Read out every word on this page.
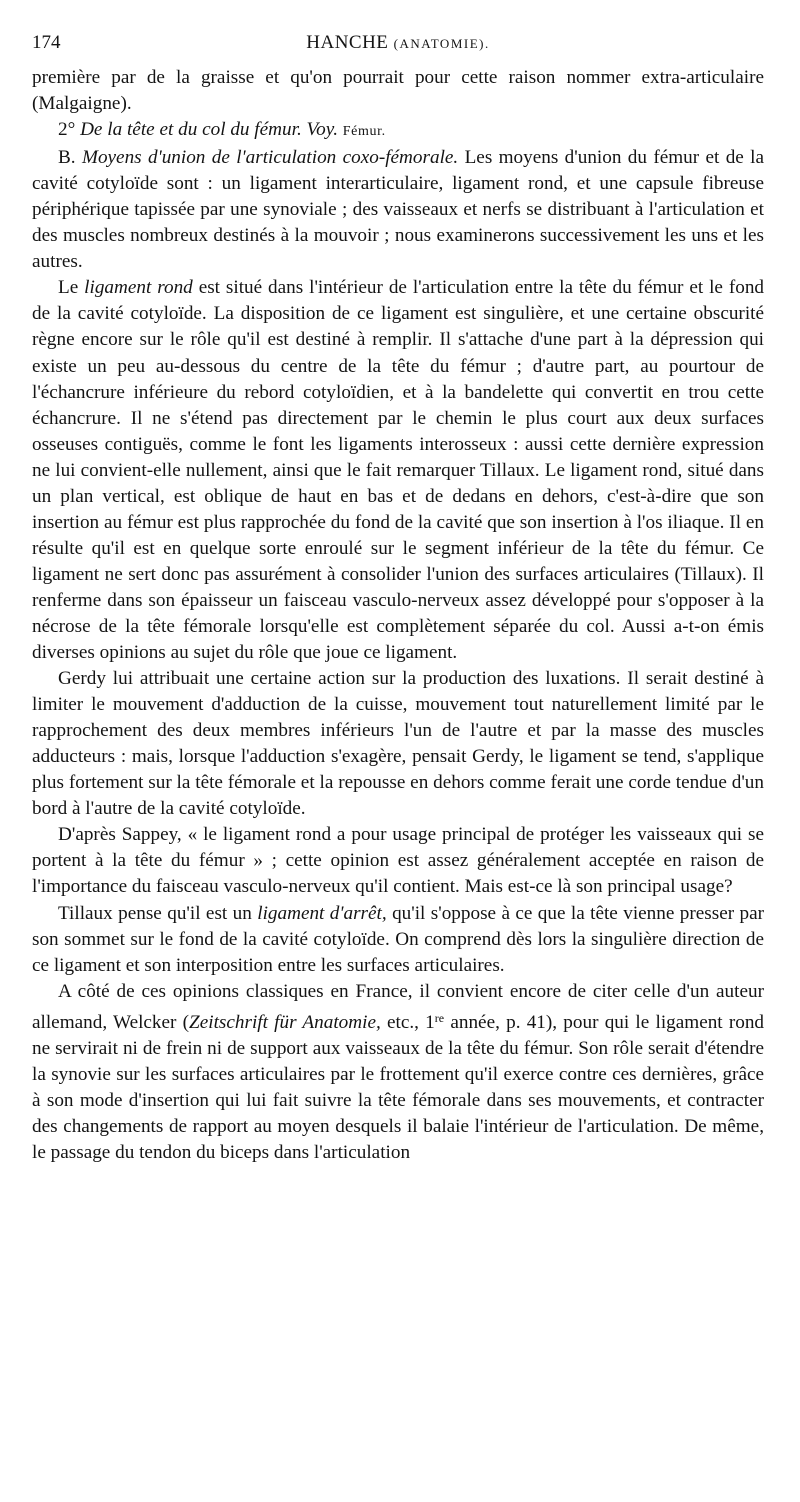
174	HANCHE (ANATOMIE).

première par de la graisse et qu'on pourrait pour cette raison nommer extra-articulaire (Malgaigne).

2° De la tête et du col du fémur. Voy. Fémur.

B. Moyens d'union de l'articulation coxo-fémorale. Les moyens d'union du fémur et de la cavité cotyloïde sont : un ligament interarticulaire, ligament rond, et une capsule fibreuse périphérique tapissée par une synoviale ; des vaisseaux et nerfs se distribuant à l'articulation et des muscles nombreux destinés à la mouvoir ; nous examinerons successivement les uns et les autres.

Le ligament rond est situé dans l'intérieur de l'articulation entre la tête du fémur et le fond de la cavité cotyloïde. La disposition de ce ligament est singulière, et une certaine obscurité règne encore sur le rôle qu'il est destiné à remplir. Il s'attache d'une part à la dépression qui existe un peu au-dessous du centre de la tête du fémur ; d'autre part, au pourtour de l'échancrure inférieure du rebord cotyloïdien, et à la bandelette qui convertit en trou cette échancrure. Il ne s'étend pas directement par le chemin le plus court aux deux surfaces osseuses contiguës, comme le font les ligaments interosseux : aussi cette dernière expression ne lui convient-elle nullement, ainsi que le fait remarquer Tillaux. Le ligament rond, situé dans un plan vertical, est oblique de haut en bas et de dedans en dehors, c'est-à-dire que son insertion au fémur est plus rapprochée du fond de la cavité que son insertion à l'os iliaque. Il en résulte qu'il est en quelque sorte enroulé sur le segment inférieur de la tête du fémur. Ce ligament ne sert donc pas assurément à consolider l'union des surfaces articulaires (Tillaux). Il renferme dans son épaisseur un faisceau vasculo-nerveux assez développé pour s'opposer à la nécrose de la tête fémorale lorsqu'elle est complètement séparée du col. Aussi a-t-on émis diverses opinions au sujet du rôle que joue ce ligament.

Gerdy lui attribuait une certaine action sur la production des luxations. Il serait destiné à limiter le mouvement d'adduction de la cuisse, mouvement tout naturellement limité par le rapprochement des deux membres inférieurs l'un de l'autre et par la masse des muscles adducteurs : mais, lorsque l'adduction s'exagère, pensait Gerdy, le ligament se tend, s'applique plus fortement sur la tête fémorale et la repousse en dehors comme ferait une corde tendue d'un bord à l'autre de la cavité cotyloïde.

D'après Sappey, « le ligament rond a pour usage principal de protéger les vaisseaux qui se portent à la tête du fémur » ; cette opinion est assez généralement acceptée en raison de l'importance du faisceau vasculo-nerveux qu'il contient. Mais est-ce là son principal usage?

Tillaux pense qu'il est un ligament d'arrêt, qu'il s'oppose à ce que la tête vienne presser par son sommet sur le fond de la cavité cotyloïde. On comprend dès lors la singulière direction de ce ligament et son interposition entre les surfaces articulaires.

A côté de ces opinions classiques en France, il convient encore de citer celle d'un auteur allemand, Welcker (Zeitschrift für Anatomie, etc., 1re année, p. 41), pour qui le ligament rond ne servirait ni de frein ni de support aux vaisseaux de la tête du fémur. Son rôle serait d'étendre la synovie sur les surfaces articulaires par le frottement qu'il exerce contre ces dernières, grâce à son mode d'insertion qui lui fait suivre la tête fémorale dans ses mouvements, et contracter des changements de rapport au moyen desquels il balaie l'intérieur de l'articulation. De même, le passage du tendon du biceps dans l'articulation
